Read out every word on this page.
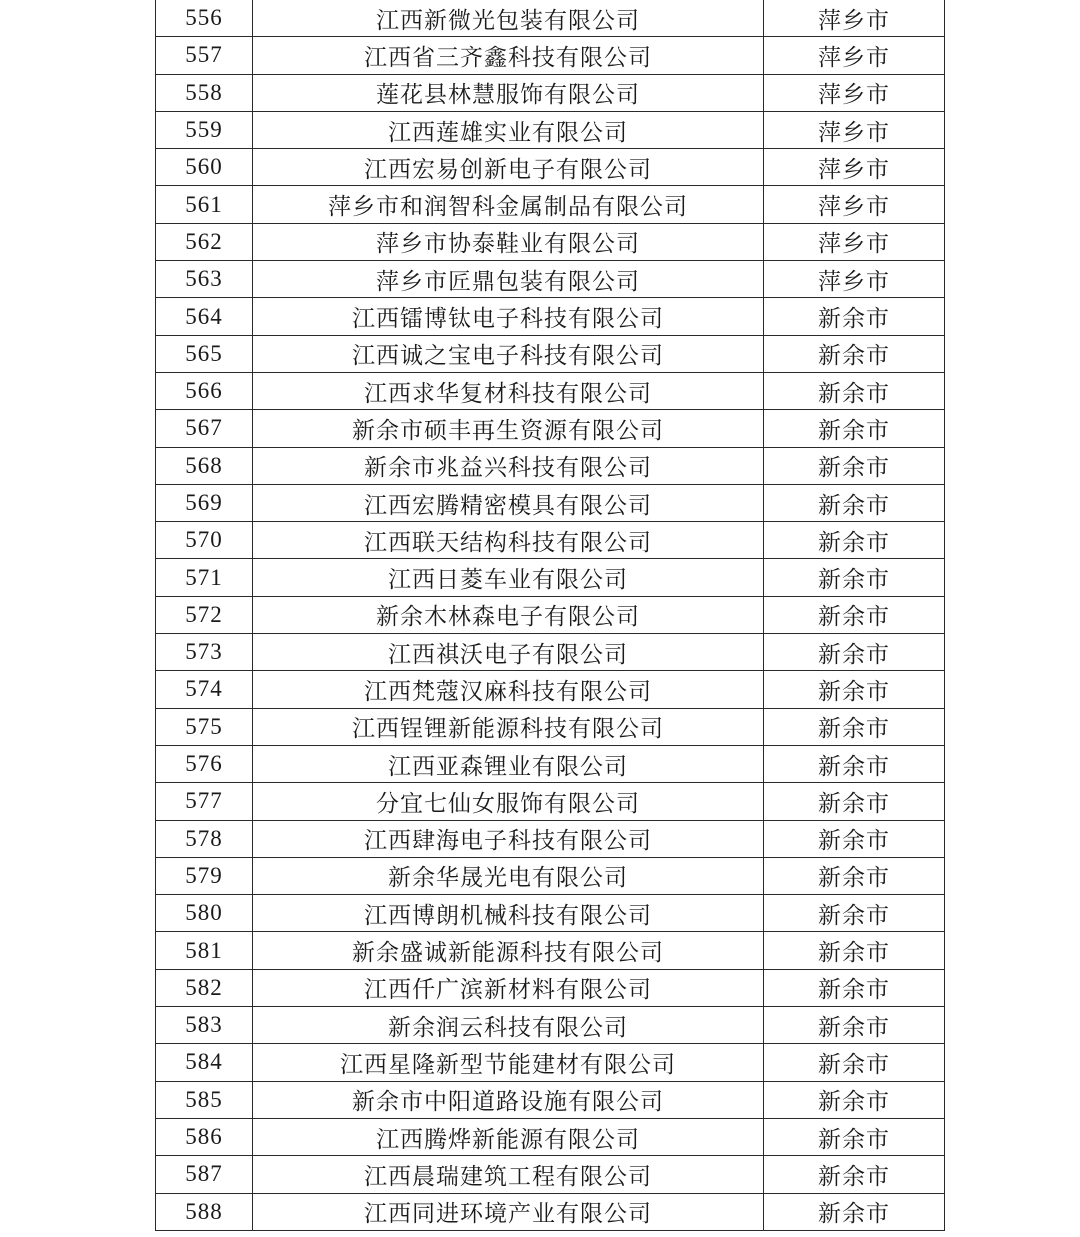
556	江西新微光包装有限公司	萍乡市
557	江西省三齐鑫科技有限公司	萍乡市
558	莲花县林慧服饰有限公司	萍乡市
559	江西莲雄实业有限公司	萍乡市
560	江西宏易创新电子有限公司	萍乡市
561	萍乡市和润智科金属制品有限公司	萍乡市
562	萍乡市协泰鞋业有限公司	萍乡市
563	萍乡市匠鼎包装有限公司	萍乡市
564	江西镭博钛电子科技有限公司	新余市
565	江西诚之宝电子科技有限公司	新余市
566	江西求华复材科技有限公司	新余市
567	新余市硕丰再生资源有限公司	新余市
568	新余市兆益兴科技有限公司	新余市
569	江西宏腾精密模具有限公司	新余市
570	江西联天结构科技有限公司	新余市
571	江西日菱车业有限公司	新余市
572	新余木林森电子有限公司	新余市
573	江西祺沃电子有限公司	新余市
574	江西梵蔻汉麻科技有限公司	新余市
575	江西锃锂新能源科技有限公司	新余市
576	江西亚森锂业有限公司	新余市
577	分宜七仙女服饰有限公司	新余市
578	江西肆海电子科技有限公司	新余市
579	新余华晟光电有限公司	新余市
580	江西博朗机械科技有限公司	新余市
581	新余盛诚新能源科技有限公司	新余市
582	江西仟广滨新材料有限公司	新余市
583	新余润云科技有限公司	新余市
584	江西星隆新型节能建材有限公司	新余市
585	新余市中阳道路设施有限公司	新余市
586	江西腾烨新能源有限公司	新余市
587	江西晨瑞建筑工程有限公司	新余市
588	江西同进环境产业有限公司	新余市
